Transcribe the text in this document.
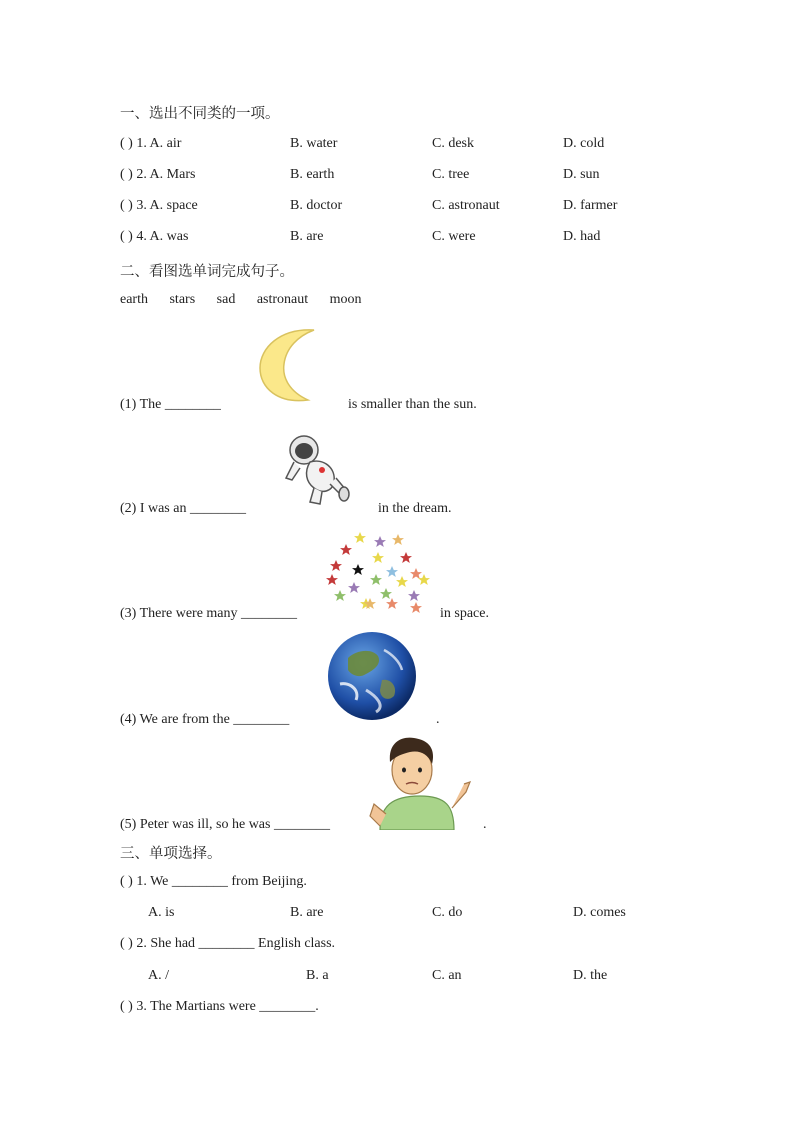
一、选出不同类的一项。
( ) 1. A. air	B. water	C. desk	D. cold
( ) 2. A. Mars	B. earth	C. tree	D. sun
( ) 3. A. space	B. doctor	C. astronaut	D. farmer
( ) 4. A. was	B. are	C. were	D. had
二、看图选单词完成句子。
earth stars sad astronaut moon
(1) The ________	is smaller than the sun.
(2) I was an ________	in the dream.
(3) There were many ________	in space.
(4) We are from the ________	.
(5) Peter was ill, so he was ________	.
三、单项选择。
( ) 1. We ________ from Beijing.
A. is	B. are	C. do	D. comes
( ) 2. She had ________ English class.
A. /	B. a	C. an	D. the
( ) 3. The Martians were ________.
